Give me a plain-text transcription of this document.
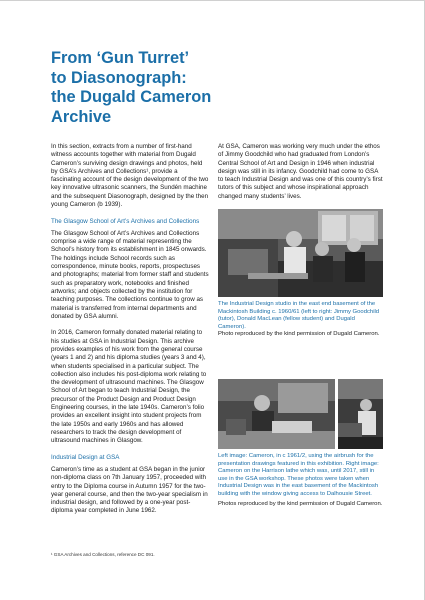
From ‘Gun Turret’
to Diasonograph:
the Dugald Cameron
Archive

In this section, extracts from a number of first-hand witness accounts together with material from Dugald Cameron’s surviving design drawings and photos, held by GSA’s Archives and Collections¹, provide a fascinating account of the design development of the two key innovative ultrasonic scanners, the Sundén machine and the subsequent Diasonograph, designed by the then young Cameron (b 1939).

The Glasgow School of Art’s Archives and Collections

The Glasgow School of Art’s Archives and Collections comprise a wide range of material representing the School’s history from its establishment in 1845 onwards. The holdings include School records such as correspondence, minute books, reports, prospectuses and photographs; material from former staff and students such as preparatory work, notebooks and finished artworks; and objects collected by the institution for teaching purposes. The collections continue to grow as material is transferred from internal departments and donated by GSA alumni.

In 2016, Cameron formally donated material relating to his studies at GSA in Industrial Design. This archive provides examples of his work from the general course (years 1 and 2) and his diploma studies (years 3 and 4), when students specialised in a particular subject. The collection also includes his post-diploma work relating to the development of ultrasound machines. The Glasgow School of Art began to teach Industrial Design, the precursor of the Product Design and Product Design Engineering courses, in the late 1940s. Cameron’s folio provides an excellent insight into student projects from the late 1950s and early 1960s and has allowed researchers to track the design development of ultrasound machines in Glasgow.

Industrial Design at GSA

Cameron’s time as a student at GSA began in the junior non-diploma class on 7th January 1957, proceeded with entry to the Diploma course in Autumn 1957 for the two-year general course, and then the two-year specialism in industrial design, and followed by a one-year post-diploma year completed in June 1962.

At GSA, Cameron was working very much under the ethos of Jimmy Goodchild who had graduated from London’s Central School of Art and Design in 1946 when industrial design was still in its infancy. Goodchild had come to GSA to teach Industrial Design and was one of this country’s first tutors of this subject and whose inspirational approach changed many students’ lives.

The Industrial Design studio in the east end basement of the Mackintosh Building c. 1960/61 (left to right: Jimmy Goodchild (tutor), Donald MacLean (fellow student) and Dugald Cameron).
Photo reproduced by the kind permission of Dugald Cameron.
Left image: Cameron, in c 1961/2, using the airbrush for the presentation drawings featured in this exhibition. Right image: Cameron on the Harrison lathe which was, until 2017, still in use in the GSA workshop. These photos were taken when Industrial Design was in the east basement of the Mackintosh building with the window giving access to Dalhousie Street.
Photos reproduced by the kind permission of Dugald Cameron.
¹ GSA Archives and Collections, reference DC 091.
